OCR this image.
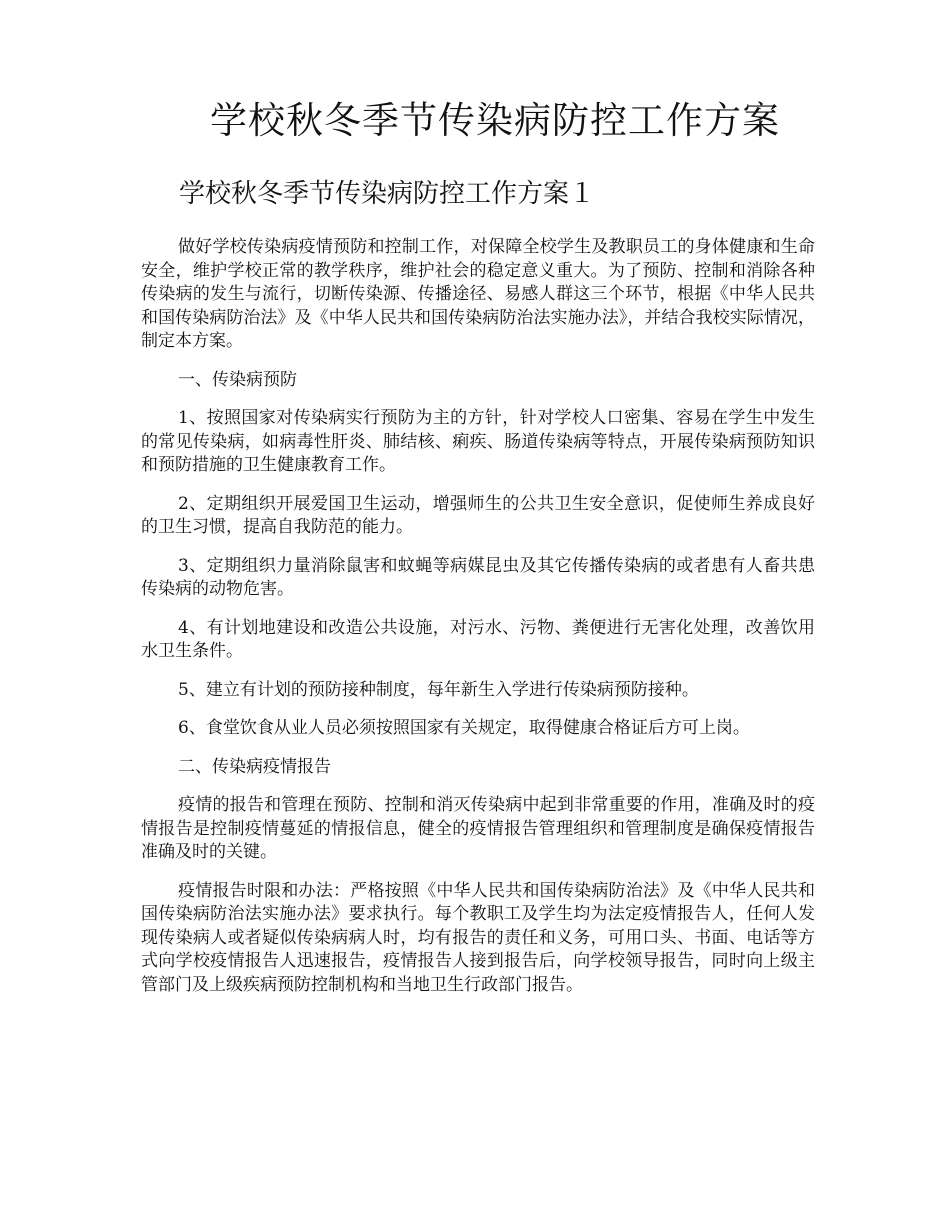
学校秋冬季节传染病防控工作方案
学校秋冬季节传染病防控工作方案１

做好学校传染病疫情预防和控制工作，对保障全校学生及教职员工的身体健康和生命安全，维护学校正常的教学秩序，维护社会的稳定意义重大。为了预防、控制和消除各种传染病的发生与流行，切断传染源、传播途径、易感人群这三个环节，根据《中华人民共和国传染病防治法》及《中华人民共和国传染病防治法实施办法》，并结合我校实际情况，制定本方案。

一、传染病预防

1、按照国家对传染病实行预防为主的方针，针对学校人口密集、容易在学生中发生的常见传染病，如病毒性肝炎、肺结核、痢疾、肠道传染病等特点，开展传染病预防知识和预防措施的卫生健康教育工作。

2、定期组织开展爱国卫生运动，增强师生的公共卫生安全意识，促使师生养成良好的卫生习惯，提高自我防范的能力。

3、定期组织力量消除鼠害和蚊蝇等病媒昆虫及其它传播传染病的或者患有人畜共患传染病的动物危害。

4、有计划地建设和改造公共设施，对污水、污物、粪便进行无害化处理，改善饮用水卫生条件。

5、建立有计划的预防接种制度，每年新生入学进行传染病预防接种。

6、食堂饮食从业人员必须按照国家有关规定，取得健康合格证后方可上岗。

二、传染病疫情报告

疫情的报告和管理在预防、控制和消灭传染病中起到非常重要的作用，准确及时的疫情报告是控制疫情蔓延的情报信息，健全的疫情报告管理组织和管理制度是确保疫情报告准确及时的关键。

疫情报告时限和办法：严格按照《中华人民共和国传染病防治法》及《中华人民共和国传染病防治法实施办法》要求执行。每个教职工及学生均为法定疫情报告人，任何人发现传染病人或者疑似传染病病人时，均有报告的责任和义务，可用口头、书面、电话等方式向学校疫情报告人迅速报告，疫情报告人接到报告后，向学校领导报告，同时向上级主管部门及上级疾病预防控制机构和当地卫生行政部门报告。
